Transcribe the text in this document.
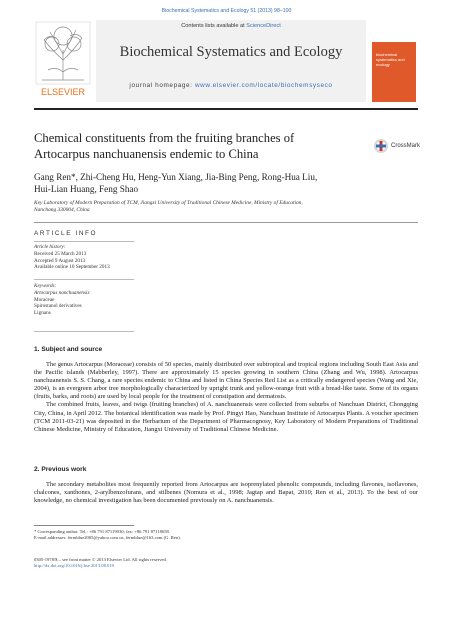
Biochemical Systematics and Ecology 51 (2013) 98–100
ELSEVIER
Contents lists available at ScienceDirect
Biochemical Systematics and Ecology
journal homepage: www.elsevier.com/locate/biochemsyseco
biochemical systematics and ecology
Chemical constituents from the fruiting branches of
Artocarpus nanchuanensis endemic to China
CrossMark
Gang Ren*, Zhi-Cheng Hu, Heng-Yun Xiang, Jia-Bing Peng, Rong-Hua Liu,
Hui-Lian Huang, Feng Shao
Key Laboratory of Modern Preparation of TCM, Jiangxi University of Traditional Chinese Medicine, Ministry of Education,
Nanchang 330004, China
ARTICLE INFO
Article history:
Received 25 March 2013
Accepted 9 August 2013
Available online 10 September 2013
Keywords:
Artocarpus nanchuanensis
Moraceae
Spirostanol derivatives
Lignans
1. Subject and source

The genus Artocarpus (Moraceae) consists of 50 species, mainly distributed over subtropical and tropical regions including South East Asia and the Pacific islands (Mabberley, 1997). There are approximately 15 species growing in southern China (Zhang and Wu, 1998). Artocarpus nanchuanensis S. S. Chang, a rare species endemic to China and listed in China Species Red List as a critically endangered species (Wang and Xie, 2004), is an evergreen arbor tree morphologically characterized by upright trunk and yellow-orange fruit with a bread-like taste. Some of its organs (fruits, barks, and roots) are used by local people for the treatment of constipation and dermatosis.

The combined fruits, leaves, and twigs (fruiting branches) of A. nanchuanensis were collected from suburbs of Nanchuan District, Chongqing City, China, in April 2012. The botanical identification was made by Prof. Pingyi Hao, Nanchuan Institute of Artocarpus Plants. A voucher specimen (TCM 2011-03-21) was deposited in the Herbarium of the Department of Pharmacognosy, Key Laboratory of Modern Preparations of Traditional Chinese Medicine, Ministry of Education, Jiangxi University of Traditional Chinese Medicine.

2. Previous work

The secondary metabolites most frequently reported from Artocarpus are isoprenylated phenolic compounds, including flavones, isoflavones, chalcones, xanthones, 2-arylbenzofurans, and stilbenes (Nomura et al., 1998; Jagtap and Bapat, 2010; Ren et al., 2013). To the best of our knowledge, no chemical investigation has been documented previously on A. nanchuanensis.

* Corresponding author. Tel.: +86 791 87119030; fax: +86 791 87118658.
E-mail addresses: fermblue2005@yahoo.com.cn, fermblue@163.com (G. Ren).
0305-1978/$ – see front matter © 2013 Elsevier Ltd. All rights reserved.
http://dx.doi.org/10.1016/j.bse.2013.08.019
